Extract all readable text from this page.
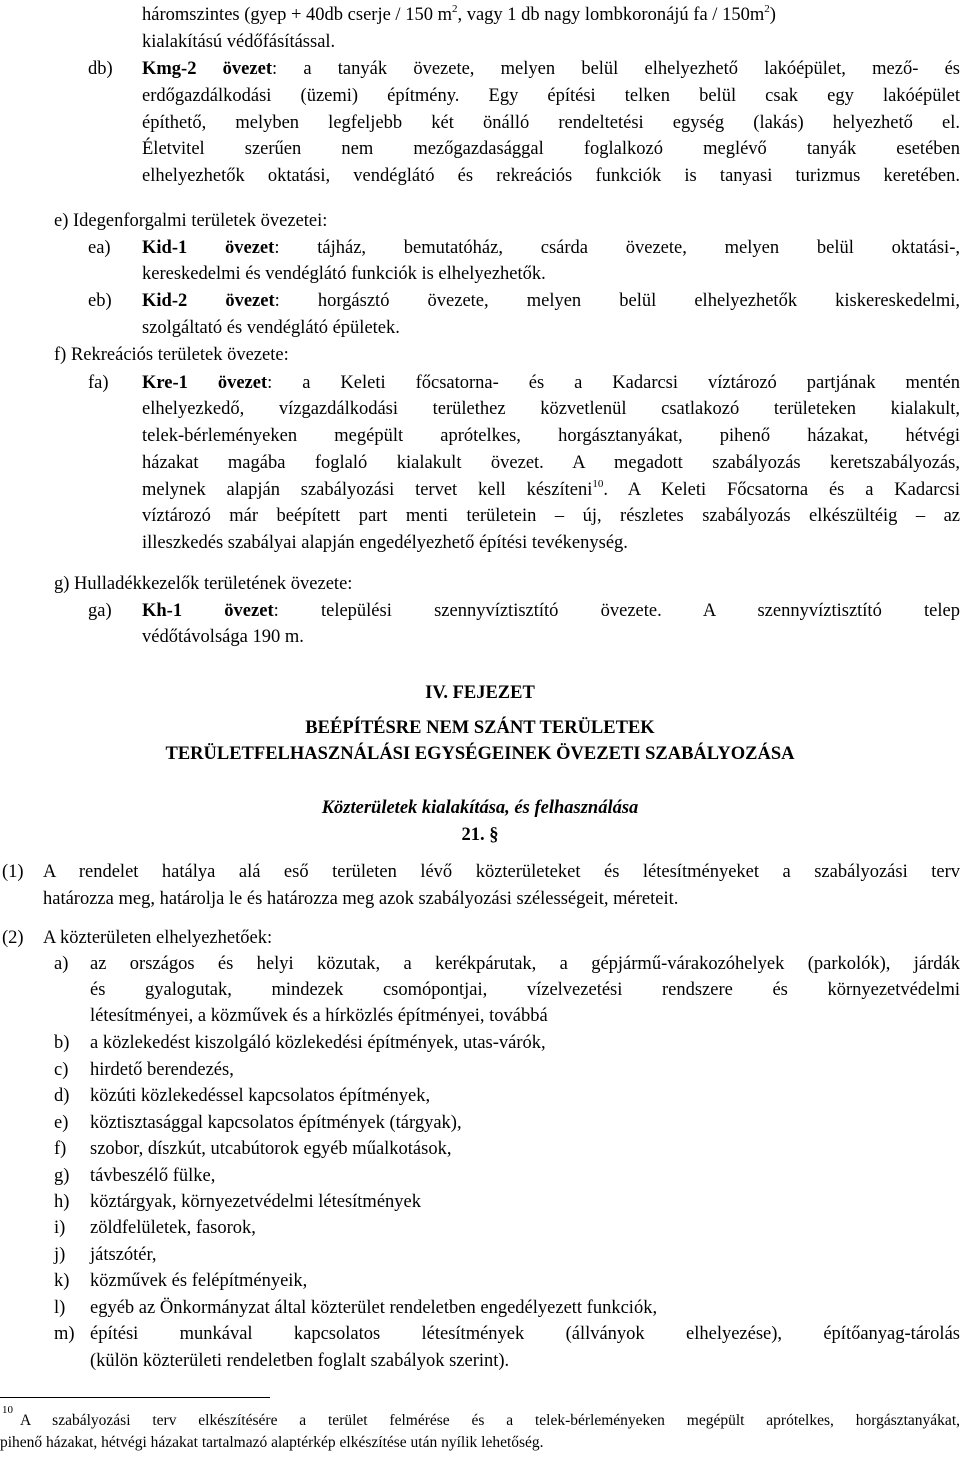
háromszintes (gyep + 40db cserje / 150 $m^2$, vagy 1 db nagy lombkoronájú fa / $150m^2$)
kialakítású védőfásítással.
db) Kmg-2 övezet: a tanyák övezete, melyen belül elhelyezhető lakóépület, mező- és
erdőgazdálkodási (üzemi) építmény. Egy építési telken belül csak egy lakóépület
építhető, melyben legfeljebb két önálló rendeltetési egység (lakás) helyezhető el.
Életvitel szerűen nem mezőgazdasággal foglalkozó meglévő tanyák esetében
elhelyezhetők oktatási, vendéglátó és rekreációs funkciók is tanyasi turizmus keretében.
e) Idegenforgalmi területek övezetei:
ea) Kid-1 övezet: tájház, bemutatóház, csárda övezete, melyen belül oktatási-,
kereskedelmi és vendéglátó funkciók is elhelyezhetők.
eb) Kid-2 övezet: horgásztó övezete, melyen belül elhelyezhetők kiskereskedelmi,
szolgáltató és vendéglátó épületek.
f) Rekreációs területek övezete:
fa) Kre-1 övezet: a Keleti főcsatorna- és a Kadarcsi víztározó partjának mentén
elhelyezkedő, vízgazdálkodási területhez közvetlenül csatlakozó területeken kialakult,
telek-bérleményeken megépült aprótelkes, horgásztanyákat, pihenő házakat, hétvégi
házakat magába foglaló kialakult övezet. A megadott szabályozás keretszabályozás,
melynek alapján szabályozási tervet kell készíteni$^{10}$. A Keleti Főcsatorna és a Kadarcsi
víztározó már beépített part menti területein – új, részletes szabályozás elkészültéig – az
illeszkedés szabályai alapján engedélyezhető építési tevékenység.
g) Hulladékkezelők területének övezete:
ga) Kh-1 övezet: települési szennyvíztisztító övezete. A szennyvíztisztító telep
védőtávolsága 190 m.
IV. FEJEZET
BEÉPÍTÉSRE NEM SZÁNT TERÜLETEK
TERÜLETFELHASZNÁLÁSI EGYSÉGEINEK ÖVEZETI SZABÁLYOZÁSA
Közterületek kialakítása, és felhasználása
21. §
(1) A rendelet hatálya alá eső területen lévő közterületeket és létesítményeket a szabályozási terv
határozza meg, határolja le és határozza meg azok szabályozási szélességeit, méreteit.
(2) A közterületen elhelyezhetőek:
a) az országos és helyi közutak, a kerékpárutak, a gépjármű-várakozóhelyek (parkolók), járdák
és gyalogutak, mindezek csomópontjai, vízelvezetési rendszere és környezetvédelmi
létesítményei, a közművek és a hírközlés építményei, továbbá
b) a közlekedést kiszolgáló közlekedési építmények, utas-várók,
c) hirdető berendezés,
d) közúti közlekedéssel kapcsolatos építmények,
e) köztisztasággal kapcsolatos építmények (tárgyak),
f) szobor, díszkút, utcabútorok egyéb műalkotások,
g) távbeszélő fülke,
h) köztárgyak, környezetvédelmi létesítmények
i) zöldfelületek, fasorok,
j) játszótér,
k) közművek és felépítményeik,
l) egyéb az Önkormányzat által közterület rendeletben engedélyezett funkciók,
m) építési munkával kapcsolatos létesítmények (állványok elhelyezése), építőanyag-tárolás
(külön közterületi rendeletben foglalt szabályok szerint).
$^{10}$
A szabályozási terv elkészítésére a terület felmérése és a telek-bérleményeken megépült aprótelkes, horgásztanyákat,
pihenő házakat, hétvégi házakat tartalmazó alaptérkép elkészítése után nyílik lehetőség.
